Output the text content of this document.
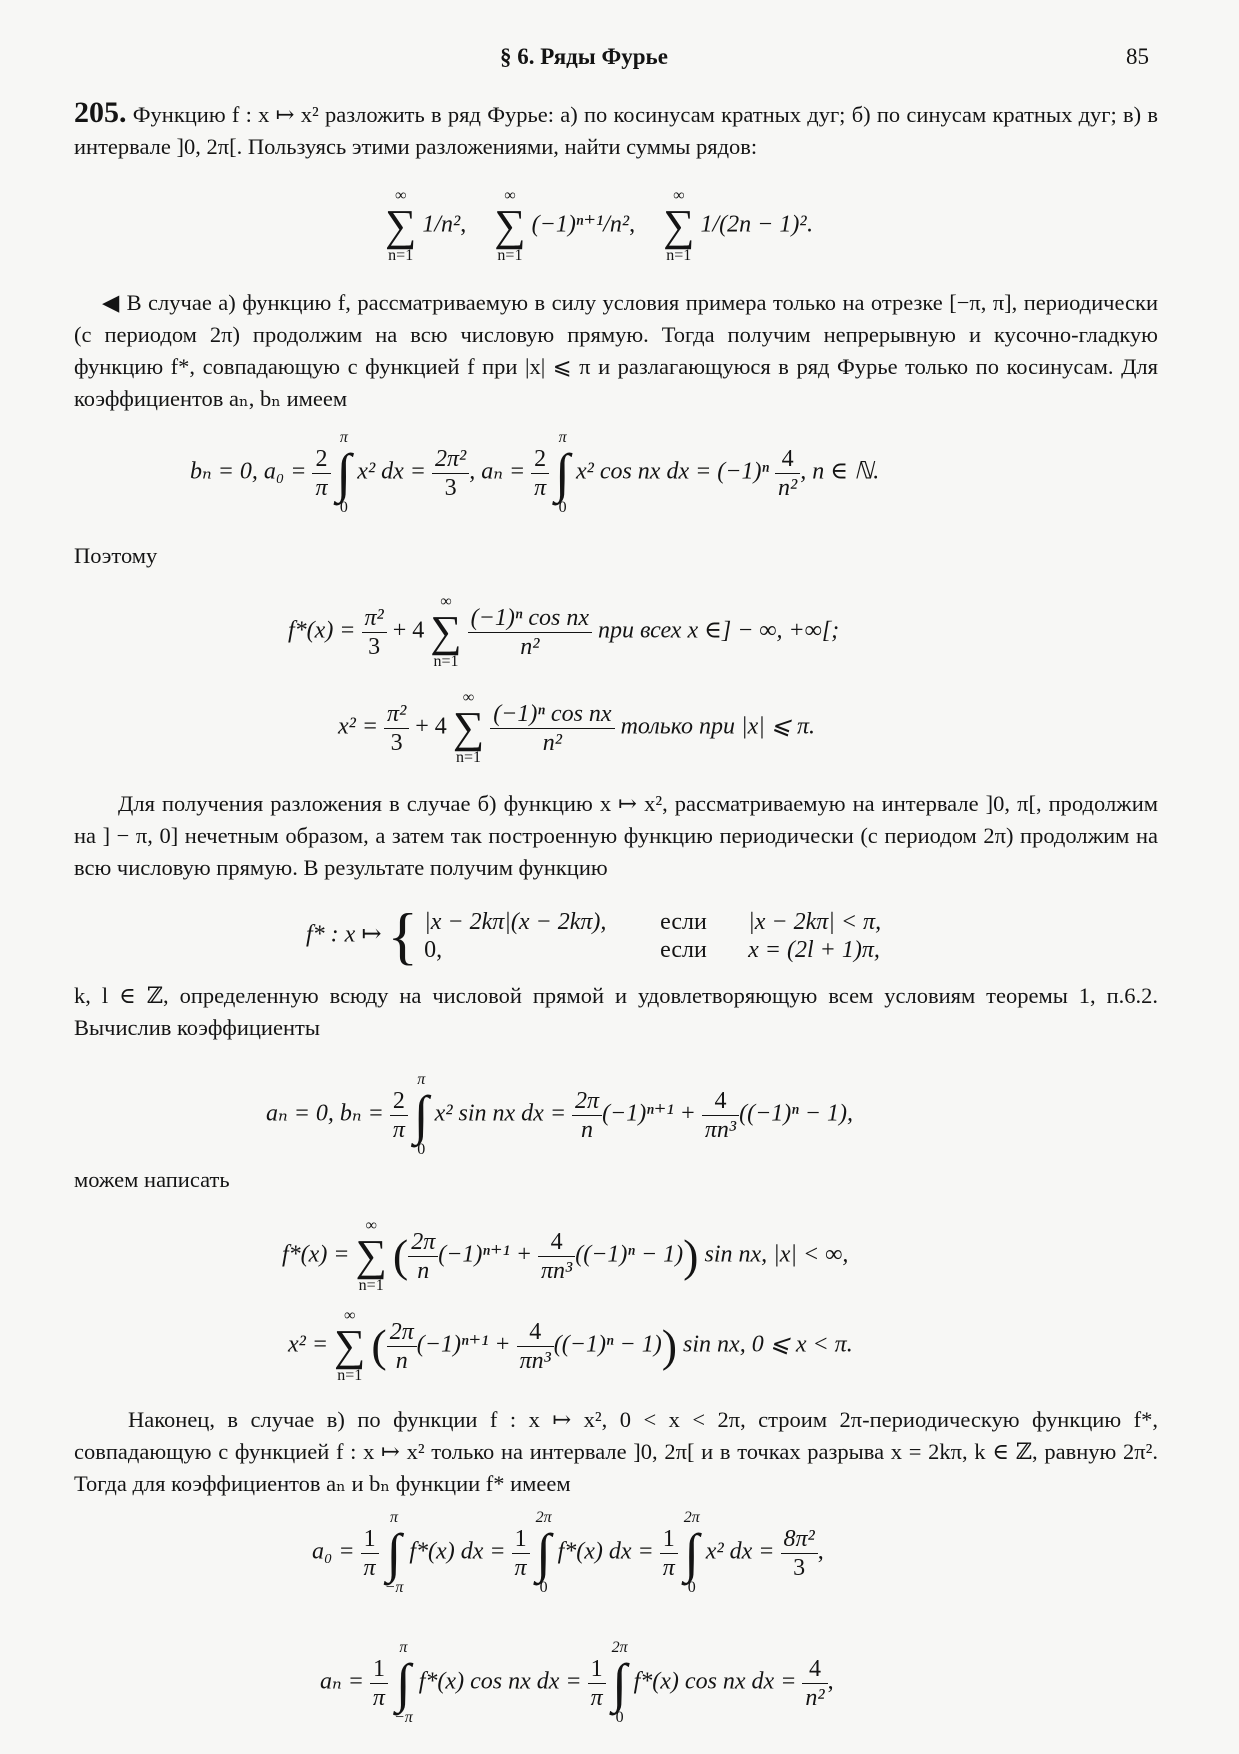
§ 6. Ряды Фурье	85
205. Функцию f : x ↦ x² разложить в ряд Фурье: а) по косинусам кратных дуг; б) по синусам кратных дуг; в) в интервале ]0, 2π[. Пользуясь этими разложениями, найти суммы рядов:
∞
∑
n=1
1/n²,
∞
∑
n=1
(−1)ⁿ⁺¹/n²,
∞
∑
n=1
1/(2n − 1)².
◀ В случае а) функцию f, рассматриваемую в силу условия примера только на отрезке [−π, π], периодически (с периодом 2π) продолжим на всю числовую прямую. Тогда получим непрерывную и кусочно-гладкую функцию f*, совпадающую с функцией f при |x| ⩽ π и разлагающуюся в ряд Фурье только по косинусам. Для коэффициентов aₙ, bₙ имеем
bₙ = 0, $a_0 = \frac{2}{\pi}$

π
∫
0
x² dx = $\frac{\text{2π²}}{3}$ , $a_n = \frac{2}{\pi}$

π
∫
0
x² cos nx dx = $(-1)^n \frac{4}{\text{n²}}$ , n ∈ ℕ.
Поэтому
$f*(x) = \frac{\text{π²}}{3} + 4$
∞
∑
n=1

$\frac{\text{(−1)ⁿ cos nx}}{\text{n²}}$ при всех x ∈] − ∞, +∞[;
$x^2 = \frac{\text{π²}}{3} + 4$
∞
∑
n=1

$\frac{\text{(−1)ⁿ cos nx}}{\text{n²}}$ только при |x| ⩽ π.
Для получения разложения в случае б) функцию x ↦ x², рассматриваемую на интервале ]0, π[, продолжим на ] − π, 0] нечетным образом, а затем так построенную функцию периодически (с периодом 2π) продолжим на всю числовую прямую. В результате получим функцию
f* : x ↦ { |x − 2kπ|(x − 2kπ), если |x − 2kπ| < π,
0,	если x = (2l + 1)π,
k, l ∈ ℤ, определенную всюду на числовой прямой и удовлетворяющую всем условиям теоремы 1, п.6.2. Вычислив коэффициенты
aₙ = 0, $b_n = \frac{2}{\pi}$

π
∫
0
x² sin nx dx = $\frac{2\pi}{n} (-1)^{n+1} + \frac{4}{\text{πn³}} ((-1)^n - 1)$,
можем написать
f*(x) =
∞
∑
n=1
( $\frac{2\pi}{n} (-1)^{n+1} + \frac{4}{\text{πn³}} ((-1)^n - 1)$) sin nx, |x| < ∞,
x² =
∞
∑
n=1
( $\frac{2\pi}{n} (-1)^{n+1} + \frac{4}{\text{πn³}} ((-1)^n - 1)$) sin nx, 0 ⩽ x < π.
Наконец, в случае в) по функции f : x ↦ x², 0 < x < 2π, строим 2π-периодическую функцию f*, совпадающую с функцией f : x ↦ x² только на интервале ]0, 2π[ и в точках разрыва x = 2kπ, k ∈ ℤ, равную 2π². Тогда для коэффициентов aₙ и bₙ функции f* имеем
$a_0 = \frac{1}{\pi}$

π
∫
−π
f*(x) dx = $\frac{1}{\pi}$

2π
∫
0
f*(x) dx = $\frac{1}{\pi}$

2π
∫
0
x² dx = $\frac{\text{8π²}}{3}$ ,
$a_n = \frac{1}{\pi}$

π
∫
−π
f*(x) cos nx dx = $\frac{1}{\pi}$

2π
∫
0
f*(x) cos nx dx = $\frac{4}{\text{n²}}$ ,
